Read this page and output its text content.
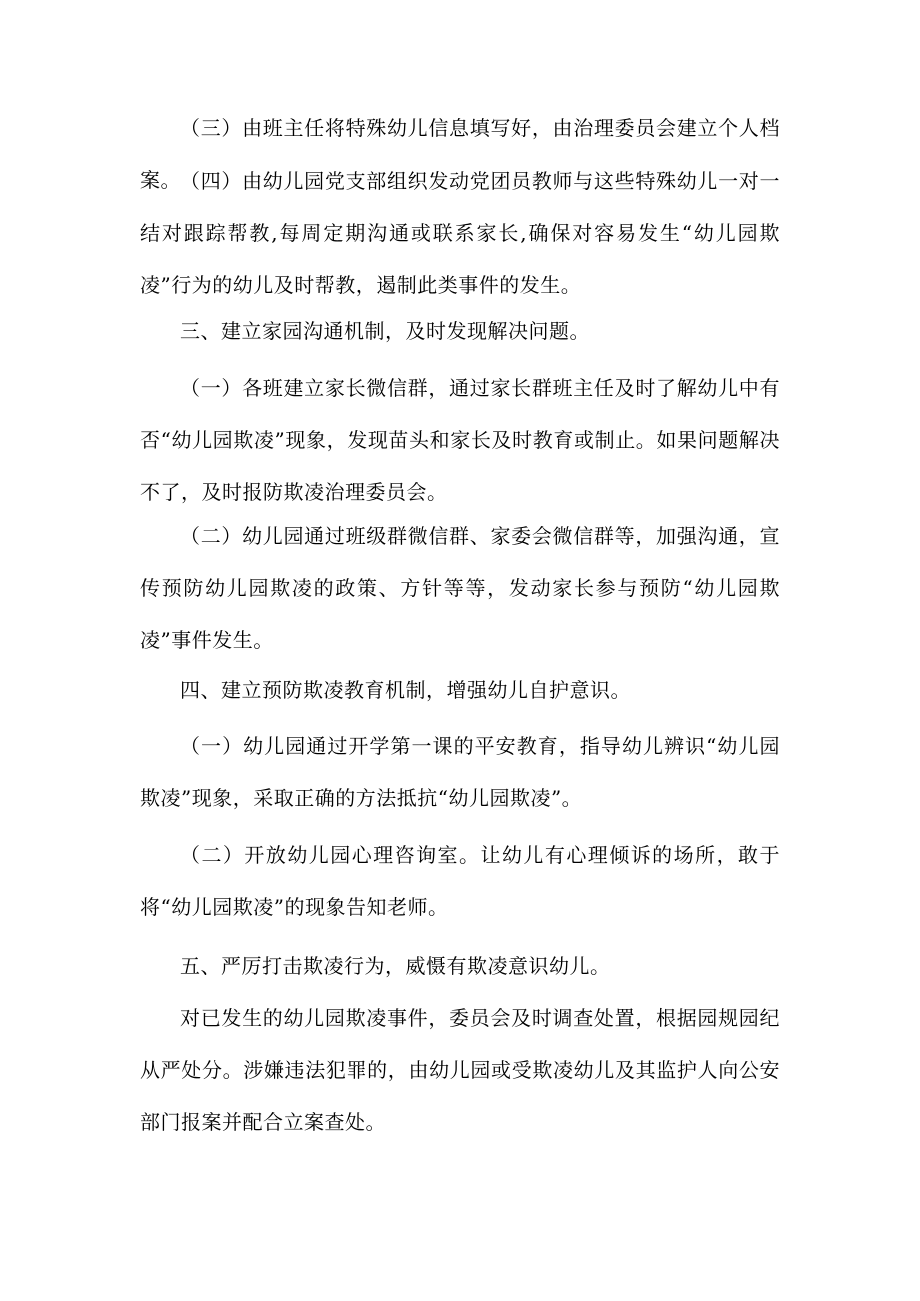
（三）由班主任将特殊幼儿信息填写好，由治理委员会建立个人档案。 （四）由幼儿园党支部组织发动党团员教师与这些特殊幼儿一对一结对跟踪帮教,每周定期沟通或联系家长,确保对容易发生“幼儿园欺凌”行为的幼儿及时帮教，遏制此类事件的发生。

三、建立家园沟通机制，及时发现解决问题。

（一）各班建立家长微信群，通过家长群班主任及时了解幼儿中有否“幼儿园欺凌”现象，发现苗头和家长及时教育或制止。如果问题解决不了，及时报防欺凌治理委员会。

（二）幼儿园通过班级群微信群、家委会微信群等，加强沟通，宣传预防幼儿园欺凌的政策、方针等等，发动家长参与预防“幼儿园欺凌”事件发生。

四、建立预防欺凌教育机制，增强幼儿自护意识。

（一）幼儿园通过开学第一课的平安教育，指导幼儿辨识“幼儿园欺凌”现象，采取正确的方法抵抗“幼儿园欺凌”。

（二）开放幼儿园心理咨询室。让幼儿有心理倾诉的场所，敢于将“幼儿园欺凌”的现象告知老师。

五、严厉打击欺凌行为，威慑有欺凌意识幼儿。

对已发生的幼儿园欺凌事件，委员会及时调查处置，根据园规园纪从严处分。涉嫌违法犯罪的，由幼儿园或受欺凌幼儿及其监护人向公安部门报案并配合立案查处。
